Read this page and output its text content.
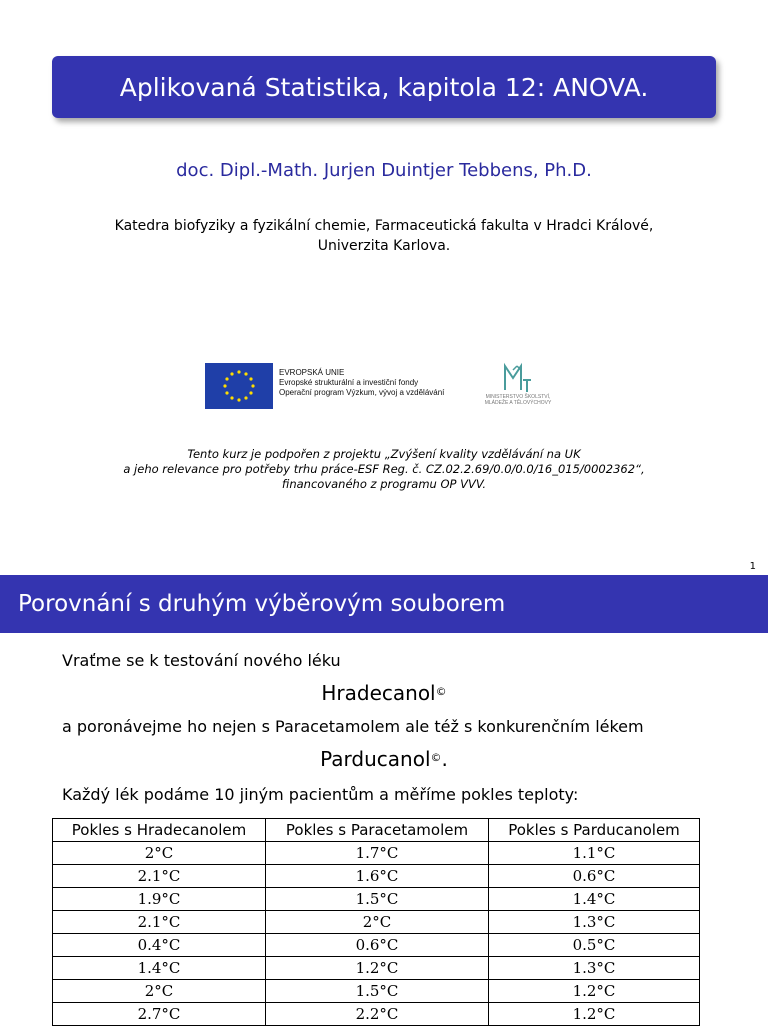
Aplikovaná Statistika, kapitola 12: ANOVA.
doc. Dipl.-Math. Jurjen Duintjer Tebbens, Ph.D.
Katedra biofyziky a fyzikální chemie, Farmaceutická fakulta v Hradci Králové,
Univerzita Karlova.
EVROPSKÁ UNIE
Evropské strukturální a investiční fondy
Operační program Výzkum, vývoj a vzdělávání	MINISTERSTVO ŠKOLSTVÍ,
MLÁDEŽE A TĚLOVÝCHOVY
Tento kurz je podpořen z projektu „Zvýšení kvality vzdělávání na UK
a jeho relevance pro potřeby trhu práce-ESF Reg. č. CZ.02.2.69/0.0/0.0/16_015/0002362“,
financovaného z programu OP VVV.
1
Porovnání s druhým výběrovým souborem
Vraťme se k testování nového léku
Hradecanol©
a poronávejme ho nejen s Paracetamolem ale též s konkurenčním lékem
Parducanol©.
Každý lék podáme 10 jiným pacientům a měříme pokles teploty:
Pokles s Hradecanolem	Pokles s Paracetamolem	Pokles s Parducanolem
2°C	1.7°C	1.1°C
2.1°C	1.6°C	0.6°C
1.9°C	1.5°C	1.4°C
2.1°C	2°C	1.3°C
0.4°C	0.6°C	0.5°C
1.4°C	1.2°C	1.3°C
2°C	1.5°C	1.2°C
2.7°C	2.2°C	1.2°C
